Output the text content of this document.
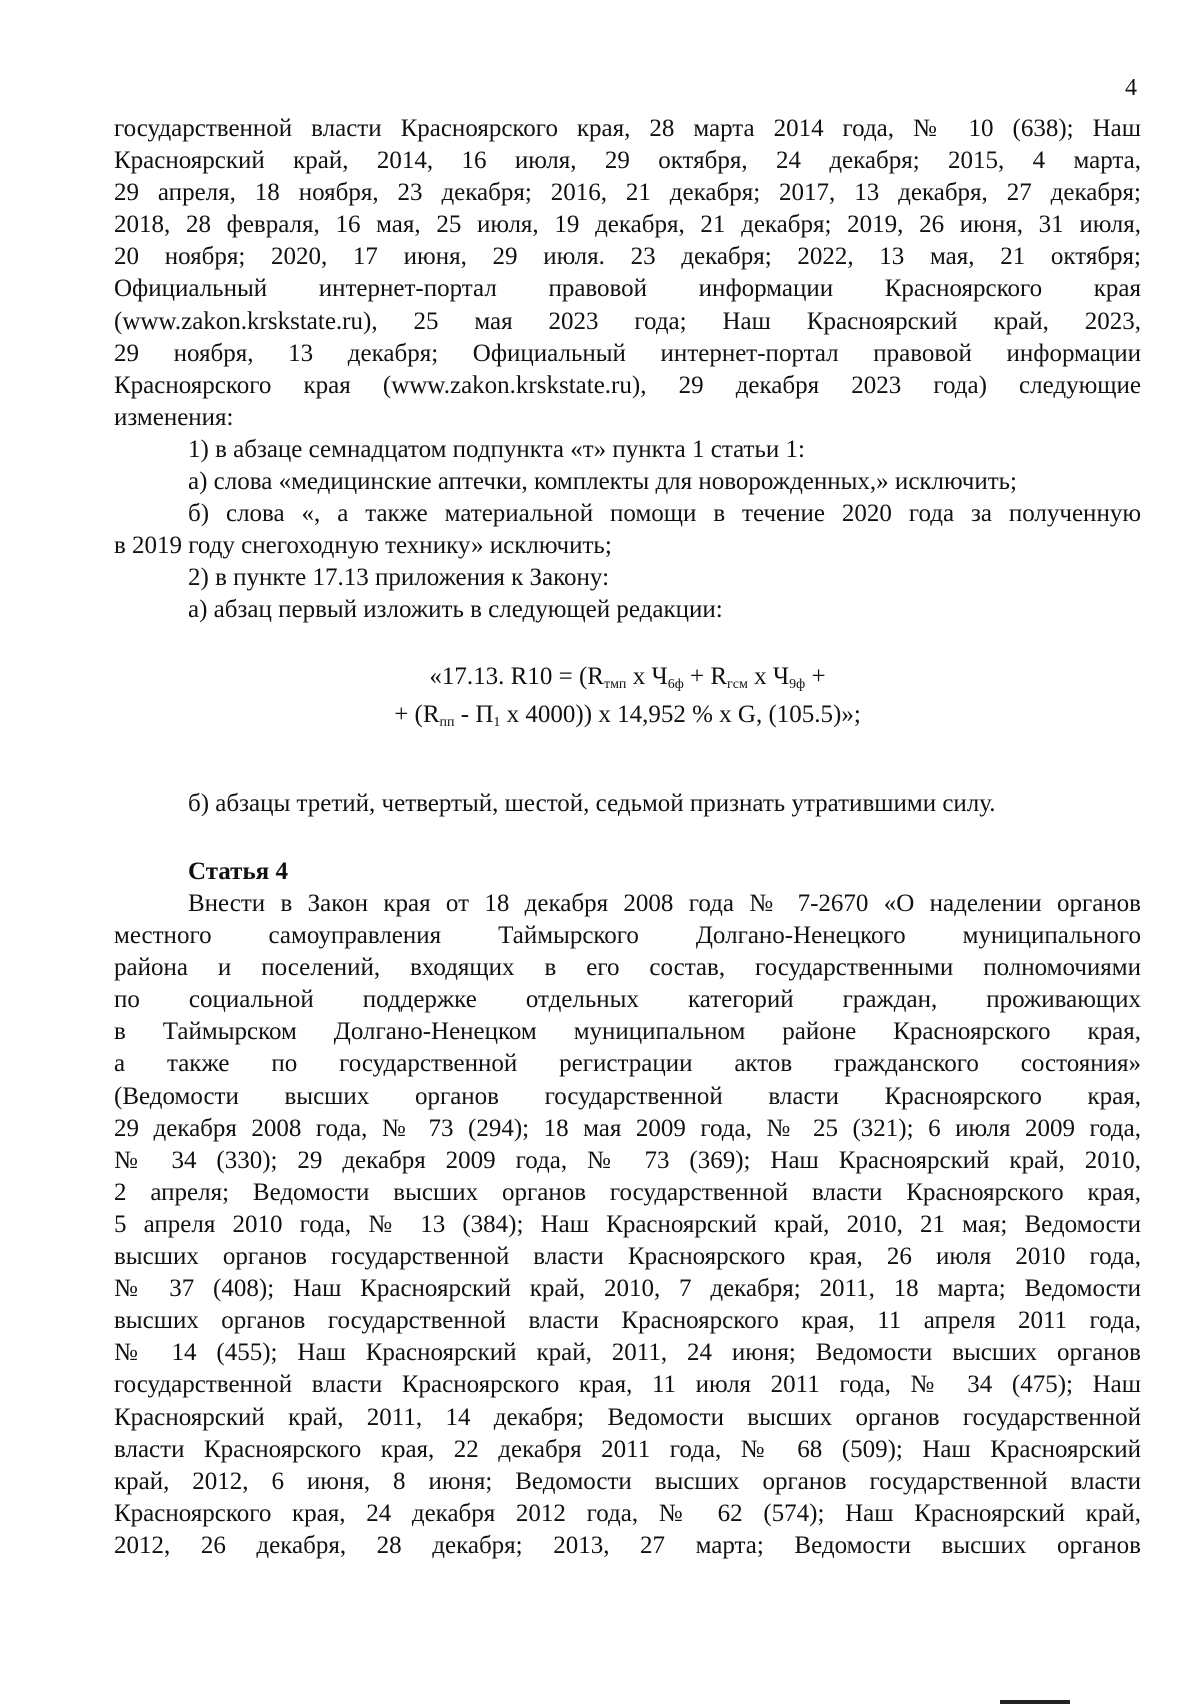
4
государственной власти Красноярского края, 28 марта 2014 года, № 10 (638); Наш
Красноярский край, 2014, 16 июля, 29 октября, 24 декабря; 2015, 4 марта,
29 апреля, 18 ноября, 23 декабря; 2016, 21 декабря; 2017, 13 декабря, 27 декабря;
2018, 28 февраля, 16 мая, 25 июля, 19 декабря, 21 декабря; 2019, 26 июня, 31 июля,
20 ноября; 2020, 17 июня, 29 июля. 23 декабря; 2022, 13 мая, 21 октября;
Официальный интернет-портал правовой информации Красноярского края
(www.zakon.krskstate.ru), 25 мая 2023 года; Наш Красноярский край, 2023,
29 ноября, 13 декабря; Официальный интернет-портал правовой информации
Красноярского края (www.zakon.krskstate.ru), 29 декабря 2023 года) следующие
изменения:
1) в абзаце семнадцатом подпункта «т» пункта 1 статьи 1:
а) слова «медицинские аптечки, комплекты для новорожденных,» исключить;
б) слова «, а также материальной помощи в течение 2020 года за полученную
в 2019 году снегоходную технику» исключить;
2) в пункте 17.13 приложения к Закону:
а) абзац первый изложить в следующей редакции:
«17.13. $R10 = (R_{тмп}$ x $Ч_{6ф} + R_{гсм}$ x $Ч_{9ф}$ +
+ ($R_{пп} - П_1$ x 4000)) x 14,952 % x G, (105.5)»;
б) абзацы третий, четвертый, шестой, седьмой признать утратившими силу.
Статья 4
Внести в Закон края от 18 декабря 2008 года № 7-2670 «О наделении органов
местного самоуправления Таймырского Долгано-Ненецкого муниципального
района и поселений, входящих в его состав, государственными полномочиями
по социальной поддержке отдельных категорий граждан, проживающих
в Таймырском Долгано-Ненецком муниципальном районе Красноярского края,
а также по государственной регистрации актов гражданского состояния»
(Ведомости высших органов государственной власти Красноярского края,
29 декабря 2008 года, № 73 (294); 18 мая 2009 года, № 25 (321); 6 июля 2009 года,
№ 34 (330); 29 декабря 2009 года, № 73 (369); Наш Красноярский край, 2010,
2 апреля; Ведомости высших органов государственной власти Красноярского края,
5 апреля 2010 года, № 13 (384); Наш Красноярский край, 2010, 21 мая; Ведомости
высших органов государственной власти Красноярского края, 26 июля 2010 года,
№ 37 (408); Наш Красноярский край, 2010, 7 декабря; 2011, 18 марта; Ведомости
высших органов государственной власти Красноярского края, 11 апреля 2011 года,
№ 14 (455); Наш Красноярский край, 2011, 24 июня; Ведомости высших органов
государственной власти Красноярского края, 11 июля 2011 года, № 34 (475); Наш
Красноярский край, 2011, 14 декабря; Ведомости высших органов государственной
власти Красноярского края, 22 декабря 2011 года, № 68 (509); Наш Красноярский
край, 2012, 6 июня, 8 июня; Ведомости высших органов государственной власти
Красноярского края, 24 декабря 2012 года, № 62 (574); Наш Красноярский край,
2012, 26 декабря, 28 декабря; 2013, 27 марта; Ведомости высших органов
